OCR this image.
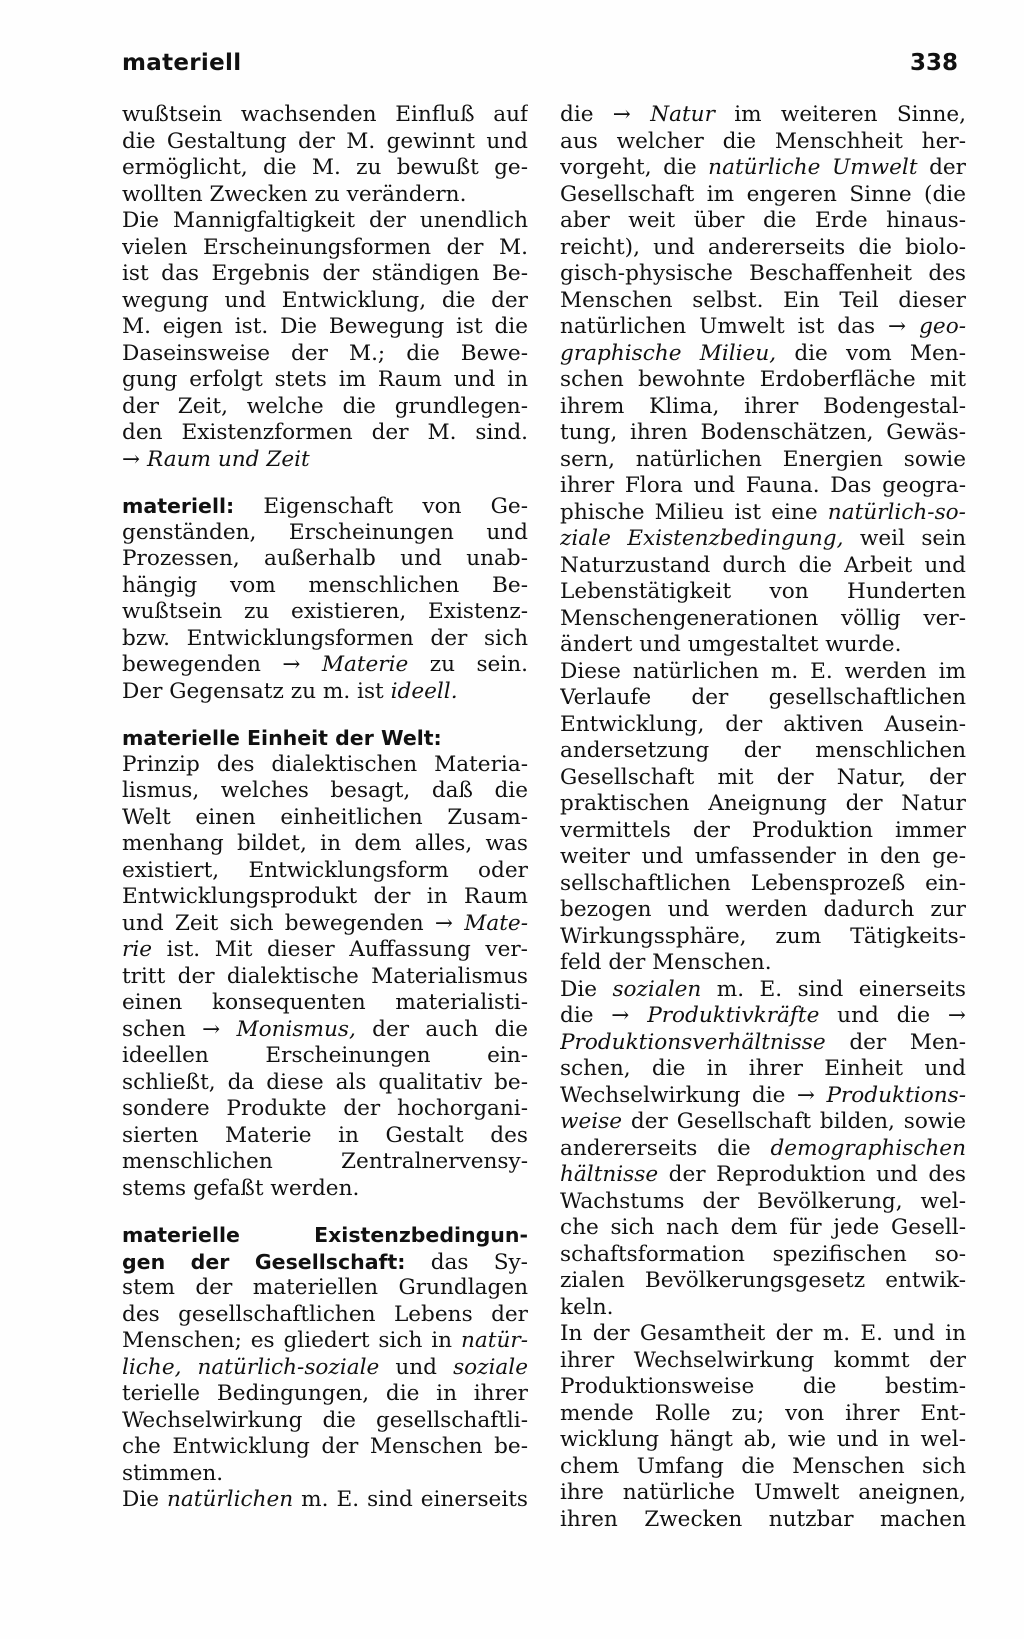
materiell	338
wußtsein wachsenden Einfluß auf
die Gestaltung der M. gewinnt und
ermöglicht, die M. zu bewußt ge-
wollten Zwecken zu verändern.
Die Mannigfaltigkeit der unendlich
vielen Erscheinungsformen der M.
ist das Ergebnis der ständigen Be-
wegung und Entwicklung, die der
M. eigen ist. Die Bewegung ist die
Daseinsweise der M.; die Bewe-
gung erfolgt stets im Raum und in
der Zeit, welche die grundlegen-
den Existenzformen der M. sind.
→ Raum und Zeit
materiell: Eigenschaft von Ge-
genständen, Erscheinungen und
Prozessen, außerhalb und unab-
hängig vom menschlichen Be-
wußtsein zu existieren, Existenz-
bzw. Entwicklungsformen der sich
bewegenden → Materie zu sein.
Der Gegensatz zu m. ist ideell.
materielle Einheit der Welt:
Prinzip des dialektischen Materia-
lismus, welches besagt, daß die
Welt einen einheitlichen Zusam-
menhang bildet, in dem alles, was
existiert, Entwicklungsform oder
Entwicklungsprodukt der in Raum
und Zeit sich bewegenden → Mate-
rie ist. Mit dieser Auffassung ver-
tritt der dialektische Materialismus
einen konsequenten materialisti-
schen → Monismus, der auch die
ideellen Erscheinungen ein-
schließt, da diese als qualitativ be-
sondere Produkte der hochorgani-
sierten Materie in Gestalt des
menschlichen Zentralnervensy-
stems gefaßt werden.
materielle Existenzbedingun-
gen der Gesellschaft: das Sy-
stem der materiellen Grundlagen
des gesellschaftlichen Lebens der
Menschen; es gliedert sich in natür-
liche, natürlich-soziale und soziale
terielle Bedingungen, die in ihrer
Wechselwirkung die gesellschaftli-
che Entwicklung der Menschen be-
stimmen.
Die natürlichen m. E. sind einerseits
die → Natur im weiteren Sinne,
aus welcher die Menschheit her-
vorgeht, die natürliche Umwelt der
Gesellschaft im engeren Sinne (die
aber weit über die Erde hinaus-
reicht), und andererseits die biolo-
gisch-physische Beschaffenheit des
Menschen selbst. Ein Teil dieser
natürlichen Umwelt ist das → geo-
graphische Milieu, die vom Men-
schen bewohnte Erdoberfläche mit
ihrem Klima, ihrer Bodengestal-
tung, ihren Bodenschätzen, Gewäs-
sern, natürlichen Energien sowie
ihrer Flora und Fauna. Das geogra-
phische Milieu ist eine natürlich-so-
ziale Existenzbedingung, weil sein
Naturzustand durch die Arbeit und
Lebenstätigkeit von Hunderten
Menschengenerationen völlig ver-
ändert und umgestaltet wurde.
Diese natürlichen m. E. werden im
Verlaufe der gesellschaftlichen
Entwicklung, der aktiven Ausein-
andersetzung der menschlichen
Gesellschaft mit der Natur, der
praktischen Aneignung der Natur
vermittels der Produktion immer
weiter und umfassender in den ge-
sellschaftlichen Lebensprozeß ein-
bezogen und werden dadurch zur
Wirkungssphäre, zum Tätigkeits-
feld der Menschen.
Die sozialen m. E. sind einerseits
die → Produktivkräfte und die →
Produktionsverhältnisse der Men-
schen, die in ihrer Einheit und
Wechselwirkung die → Produktions-
weise der Gesellschaft bilden, sowie
andererseits die demographischen
hältnisse der Reproduktion und des
Wachstums der Bevölkerung, wel-
che sich nach dem für jede Gesell-
schaftsformation spezifischen so-
zialen Bevölkerungsgesetz entwik-
keln.
In der Gesamtheit der m. E. und in
ihrer Wechselwirkung kommt der
Produktionsweise die bestim-
mende Rolle zu; von ihrer Ent-
wicklung hängt ab, wie und in wel-
chem Umfang die Menschen sich
ihre natürliche Umwelt aneignen,
ihren Zwecken nutzbar machen
